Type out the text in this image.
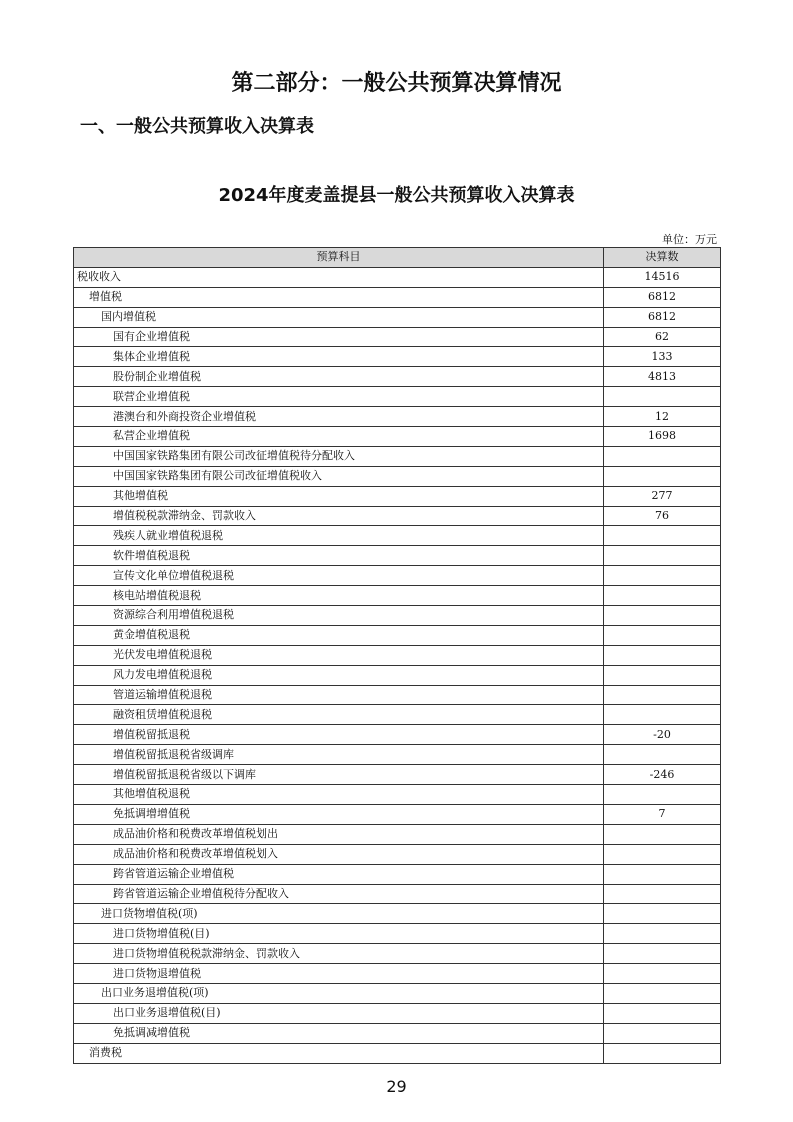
第二部分：一般公共预算决算情况
一、一般公共预算收入决算表
2024年度麦盖提县一般公共预算收入决算表
单位：万元
预算科目	决算数
税收收入	14516
增值税	6812
国内增值税	6812
国有企业增值税	62
集体企业增值税	133
股份制企业增值税	4813
联营企业增值税	
港澳台和外商投资企业增值税	12
私营企业增值税	1698
中国国家铁路集团有限公司改征增值税待分配收入	
中国国家铁路集团有限公司改征增值税收入	
其他增值税	277
增值税税款滞纳金、罚款收入	76
残疾人就业增值税退税	
软件增值税退税	
宣传文化单位增值税退税	
核电站增值税退税	
资源综合利用增值税退税	
黄金增值税退税	
光伏发电增值税退税	
风力发电增值税退税	
管道运输增值税退税	
融资租赁增值税退税	
增值税留抵退税	-20
增值税留抵退税省级调库	
增值税留抵退税省级以下调库	-246
其他增值税退税	
免抵调增增值税	7
成品油价格和税费改革增值税划出	
成品油价格和税费改革增值税划入	
跨省管道运输企业增值税	
跨省管道运输企业增值税待分配收入	
进口货物增值税(项)	
进口货物增值税(目)	
进口货物增值税税款滞纳金、罚款收入	
进口货物退增值税	
出口业务退增值税(项)	
出口业务退增值税(目)	
免抵调减增值税	
消费税	
29
